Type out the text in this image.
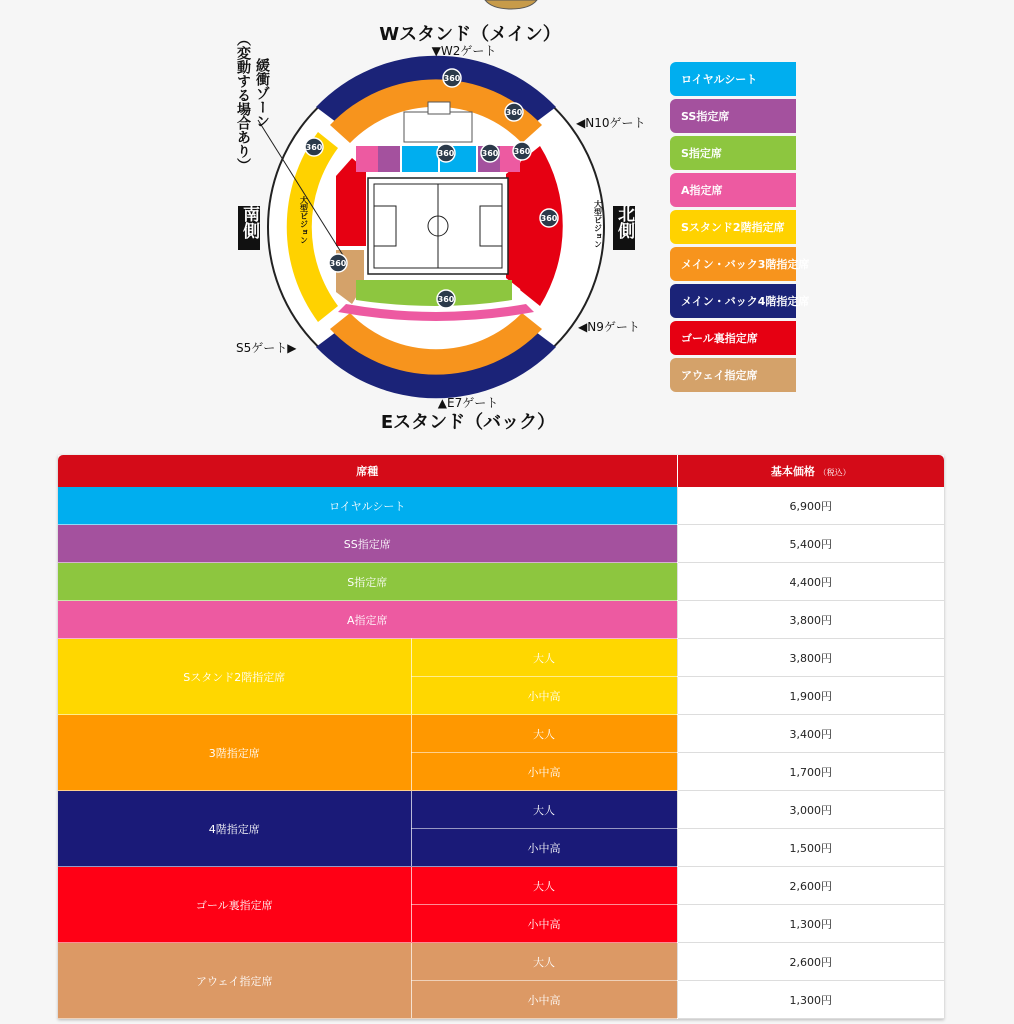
360
360
360
360	360 360
360
360
360
Wスタンド（メイン）
Eスタンド（バック）
▼W2ゲート
◀N10ゲート
◀N9ゲート
S5ゲート▶
▲E7ゲート
南側	北側
緩衝ゾーン
（変動する場合あり）
大型ビジョン	大型ビジョン
ロイヤルシート
SS指定席
S指定席
A指定席
Sスタンド2階指定席
メイン・バック3階指定席
メイン・バック4階指定席
ゴール裏指定席
アウェイ指定席
席種		基本価格 （税込）
ロイヤルシート		6,900円
SS指定席		5,400円
S指定席		4,400円
A指定席		3,800円
Sスタンド2階指定席	大人	3,800円
	小中高	1,900円
3階指定席	大人	3,400円
	小中高	1,700円
4階指定席	大人	3,000円
	小中高	1,500円
ゴール裏指定席	大人	2,600円
	小中高	1,300円
アウェイ指定席	大人	2,600円
	小中高	1,300円
